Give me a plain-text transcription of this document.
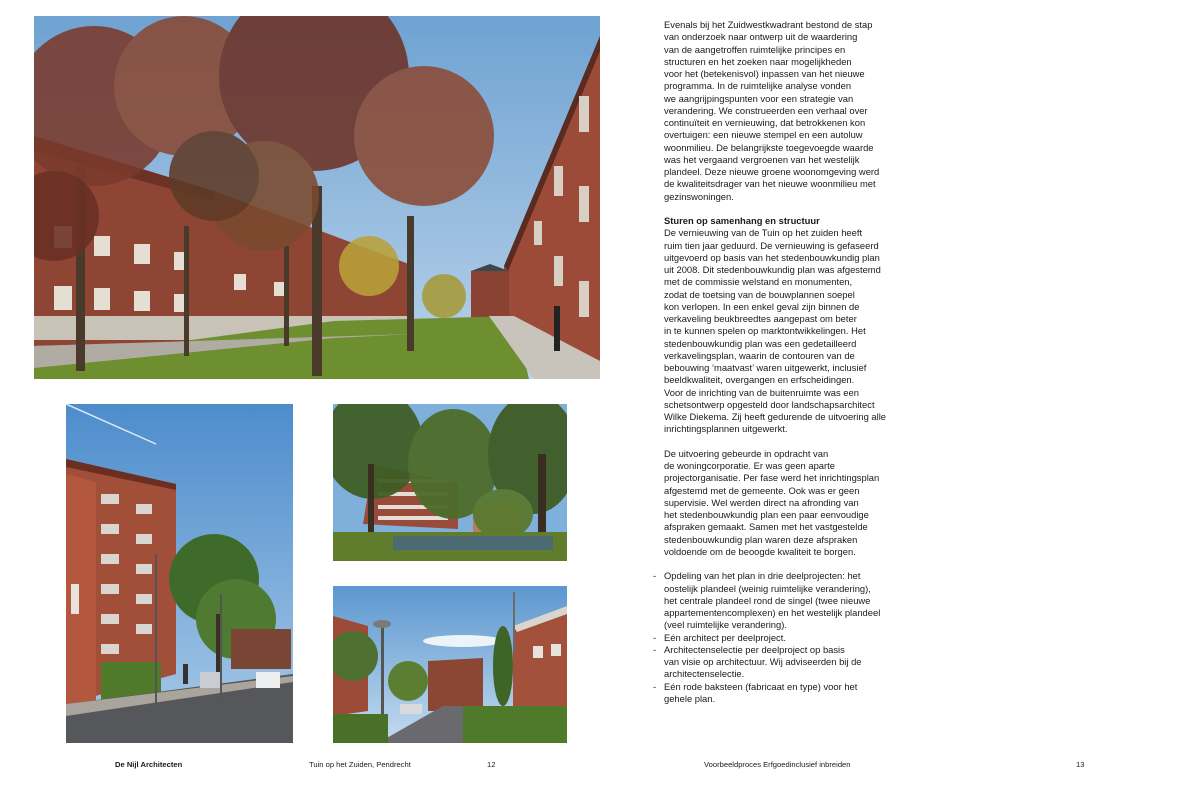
Evenals bij het Zuidwestkwadrant bestond de stap
van onderzoek naar ontwerp uit de waardering
van de aangetroffen ruimtelijke principes en
structuren en het zoeken naar mogelijkheden
voor het (betekenisvol) inpassen van het nieuwe
programma. In de ruimtelijke analyse vonden
we aangrijpingspunten voor een strategie van
verandering. We construeerden een verhaal over
continuïteit en vernieuwing, dat betrokkenen kon
overtuigen: een nieuwe stempel en een autoluw
woonmilieu. De belangrijkste toegevoegde waarde
was het vergaand vergroenen van het westelijk
plandeel. Deze nieuwe groene woonomgeving werd
de kwaliteitsdrager van het nieuwe woonmilieu met
gezinswoningen.

Sturen op samenhang en structuur

De vernieuwing van de Tuin op het zuiden heeft
ruim tien jaar geduurd. De vernieuwing is gefaseerd
uitgevoerd op basis van het stedenbouwkundig plan
uit 2008. Dit stedenbouwkundig plan was afgestemd
met de commissie welstand en monumenten,
zodat de toetsing van de bouwplannen soepel
kon verlopen. In een enkel geval zijn binnen de
verkaveling beukbreedtes aangepast om beter
in te kunnen spelen op marktontwikkelingen. Het
stedenbouwkundig plan was een gedetailleerd
verkavelingsplan, waarin de contouren van de
bebouwing ‘maatvast’ waren uitgewerkt, inclusief
beeldkwaliteit, overgangen en erfscheidingen.
Voor de inrichting van de buitenruimte was een
schetsontwerp opgesteld door landschapsarchitect
Wilke Diekema. Zij heeft gedurende de uitvoering alle
inrichtingsplannen uitgewerkt.

De uitvoering gebeurde in opdracht van
de woningcorporatie. Er was geen aparte
projectorganisatie. Per fase werd het inrichtingsplan
afgestemd met de gemeente. Ook was er geen
supervisie. Wel werden direct na afronding van
het stedenbouwkundig plan een paar eenvoudige
afspraken gemaakt. Samen met het vastgestelde
stedenbouwkundig plan waren deze afspraken
voldoende om de beoogde kwaliteit te borgen.

- Opdeling van het plan in drie deelprojecten: het
oostelijk plandeel (weinig ruimtelijke verandering),
het centrale plandeel rond de singel (twee nieuwe
appartementencomplexen) en het westelijk plandeel
(veel ruimtelijke verandering).
- Eén architect per deelproject.
- Architectenselectie per deelproject op basis
van visie op architectuur. Wij adviseerden bij de
architectenselectie.
- Eén rode baksteen (fabricaat en type) voor het
gehele plan.
De Nijl Architecten	Tuin op het Zuiden, Pendrecht	12	Voorbeeldproces Erfgoedinclusief inbreiden	13
